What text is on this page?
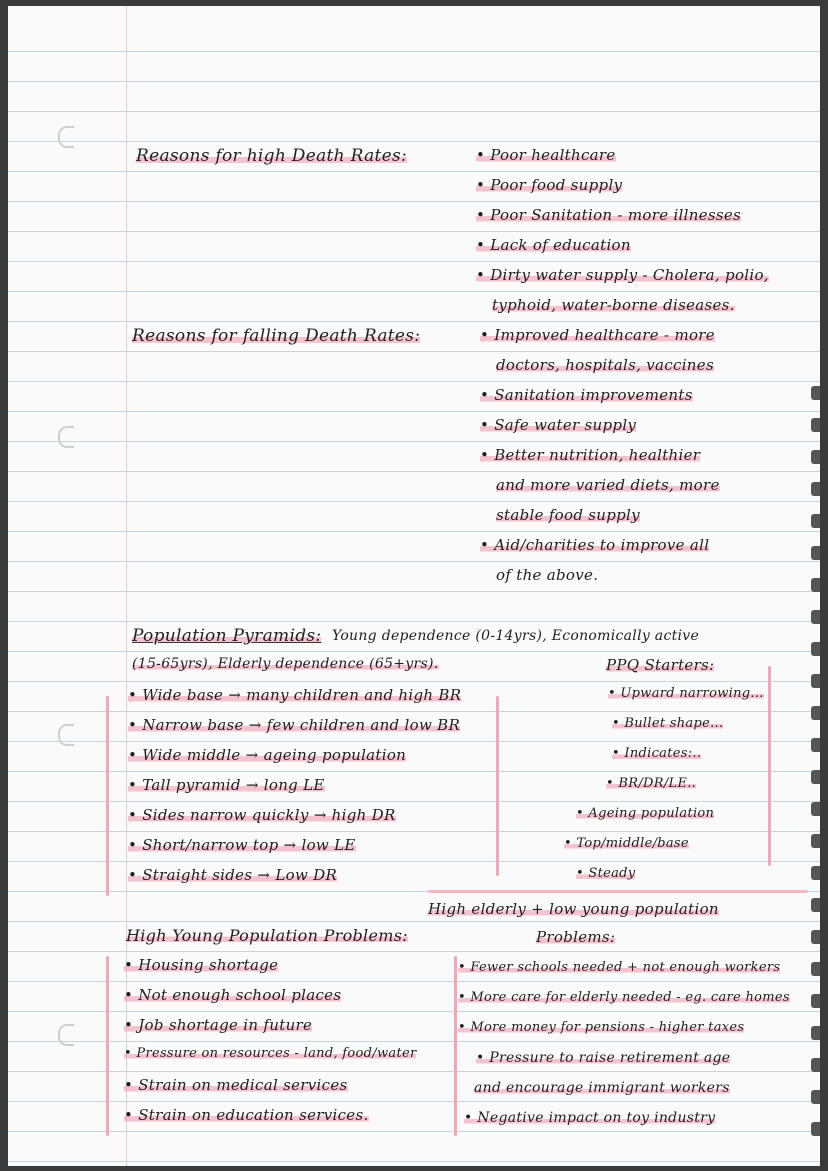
Reasons for high Death Rates:	• Poor healthcare
• Poor food supply
• Poor Sanitation - more illnesses
• Lack of education
• Dirty water supply - Cholera, polio,
typhoid, water-borne diseases.
Reasons for falling Death Rates:	• Improved healthcare - more
doctors, hospitals, vaccines
• Sanitation improvements
• Safe water supply
• Better nutrition, healthier
and more varied diets, more
stable food supply
• Aid/charities to improve all
of the above.
Population Pyramids: Young dependence (0-14yrs), Economically active
(15-65yrs), Elderly dependence (65+yrs).
• Wide base → many children and high BR
• Narrow base → few children and low BR
• Wide middle → ageing population
• Tall pyramid → long LE
• Sides narrow quickly → high DR
• Short/narrow top → low LE
• Straight sides → Low DR
PPQ Starters:
• Upward narrowing...
• Bullet shape...
• Indicates:..
• BR/DR/LE..
• Ageing population
• Top/middle/base
• Steady
High Young Population Problems:
• Housing shortage
• Not enough school places
• Job shortage in future
• Pressure on resources - land, food/water
• Strain on medical services
• Strain on education services.
High elderly + low young population
Problems:
• Fewer schools needed + not enough workers
• More care for elderly needed - eg. care homes
• More money for pensions - higher taxes
• Pressure to raise retirement age
and encourage immigrant workers
• Negative impact on toy industry
